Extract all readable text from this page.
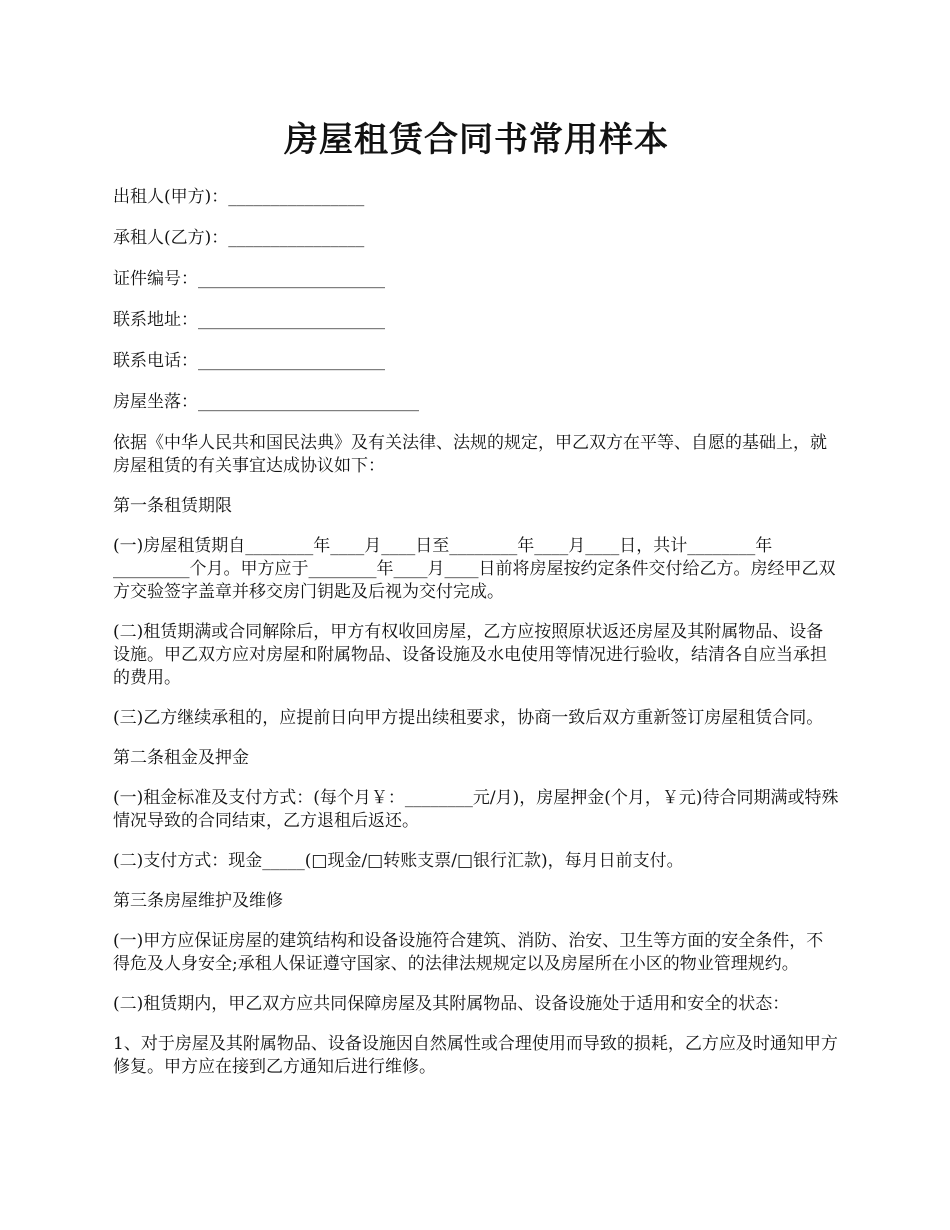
房屋租赁合同书常用样本
出租人(甲方)：________________
承租人(乙方)：________________
证件编号：______________________
联系地址：______________________
联系电话：______________________
房屋坐落：__________________________

依据《中华人民共和国民法典》及有关法律、法规的规定，甲乙双方在平等、自愿的基础上，就房屋租赁的有关事宜达成协议如下：

第一条租赁期限

(一)房屋租赁期自________年____月____日至________年____月____日，共计________年_________个月。甲方应于________年____月____日前将房屋按约定条件交付给乙方。房经甲乙双方交验签字盖章并移交房门钥匙及后视为交付完成。

(二)租赁期满或合同解除后，甲方有权收回房屋，乙方应按照原状返还房屋及其附属物品、设备设施。甲乙双方应对房屋和附属物品、设备设施及水电使用等情况进行验收，结清各自应当承担的费用。

(三)乙方继续承租的，应提前日向甲方提出续租要求，协商一致后双方重新签订房屋租赁合同。

第二条租金及押金

(一)租金标准及支付方式：(每个月￥：________元/月)，房屋押金(个月，￥元)待合同期满或特殊情况导致的合同结束，乙方退租后返还。

(二)支付方式：现金_____(□现金/□转账支票/□银行汇款)，每月日前支付。

第三条房屋维护及维修

(一)甲方应保证房屋的建筑结构和设备设施符合建筑、消防、治安、卫生等方面的安全条件，不得危及人身安全;承租人保证遵守国家、的法律法规规定以及房屋所在小区的物业管理规约。

(二)租赁期内，甲乙双方应共同保障房屋及其附属物品、设备设施处于适用和安全的状态：

1、对于房屋及其附属物品、设备设施因自然属性或合理使用而导致的损耗，乙方应及时通知甲方修复。甲方应在接到乙方通知后进行维修。
